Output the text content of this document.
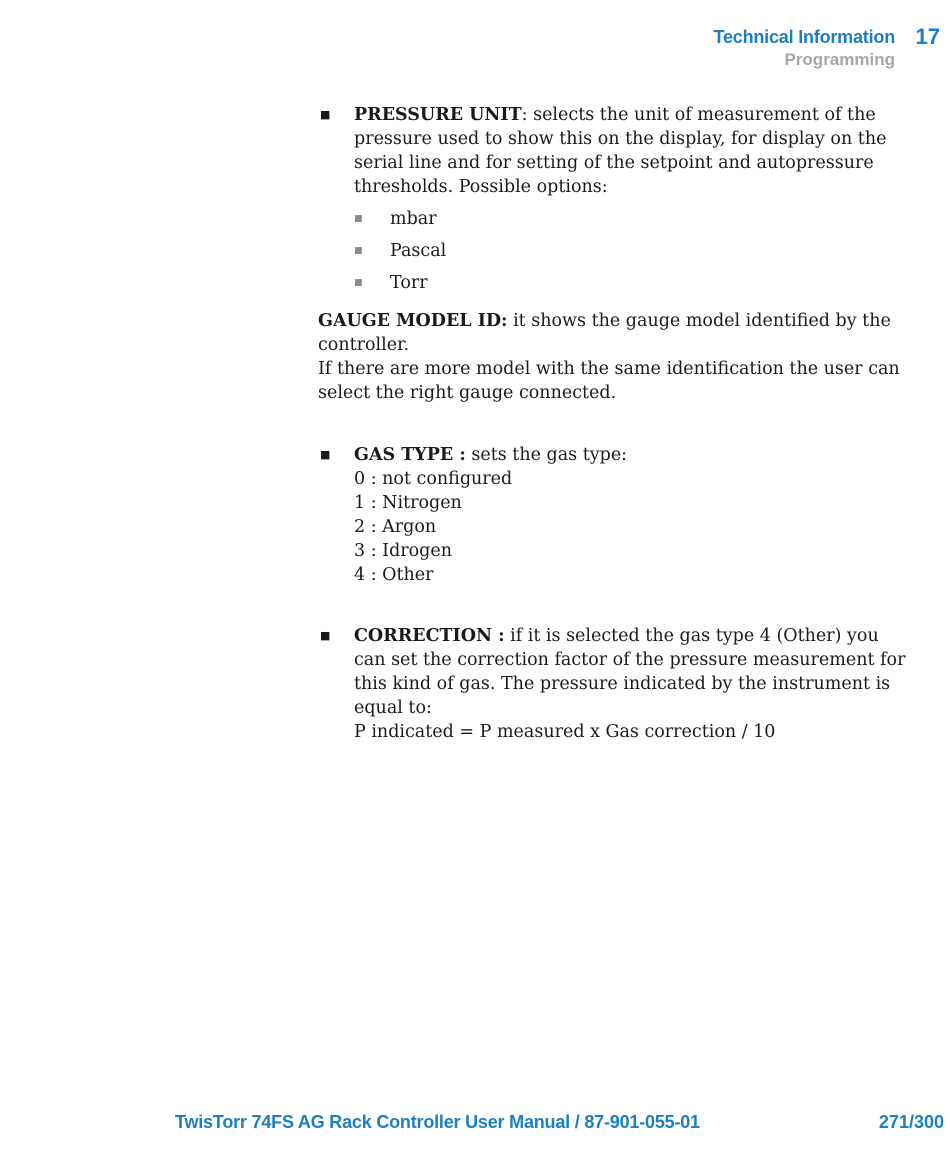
Technical Information 17
Programming
■ PRESSURE UNIT: selects the unit of measurement of the pressure used to show this on the display, for display on the serial line and for setting of the setpoint and autopressure thresholds. Possible options:
■ mbar
■ Pascal
■ Torr
GAUGE MODEL ID: it shows the gauge model identified by the controller.
If there are more model with the same identification the user can select the right gauge connected.
■ GAS TYPE : sets the gas type:
0 : not configured
1 : Nitrogen
2 : Argon
3 : Idrogen
4 : Other
■ CORRECTION : if it is selected the gas type 4 (Other) you can set the correction factor of the pressure measurement for this kind of gas. The pressure indicated by the instrument is equal to:
P indicated = P measured x Gas correction / 10
TwisTorr 74FS AG Rack Controller User Manual / 87-901-055-01	271/300
